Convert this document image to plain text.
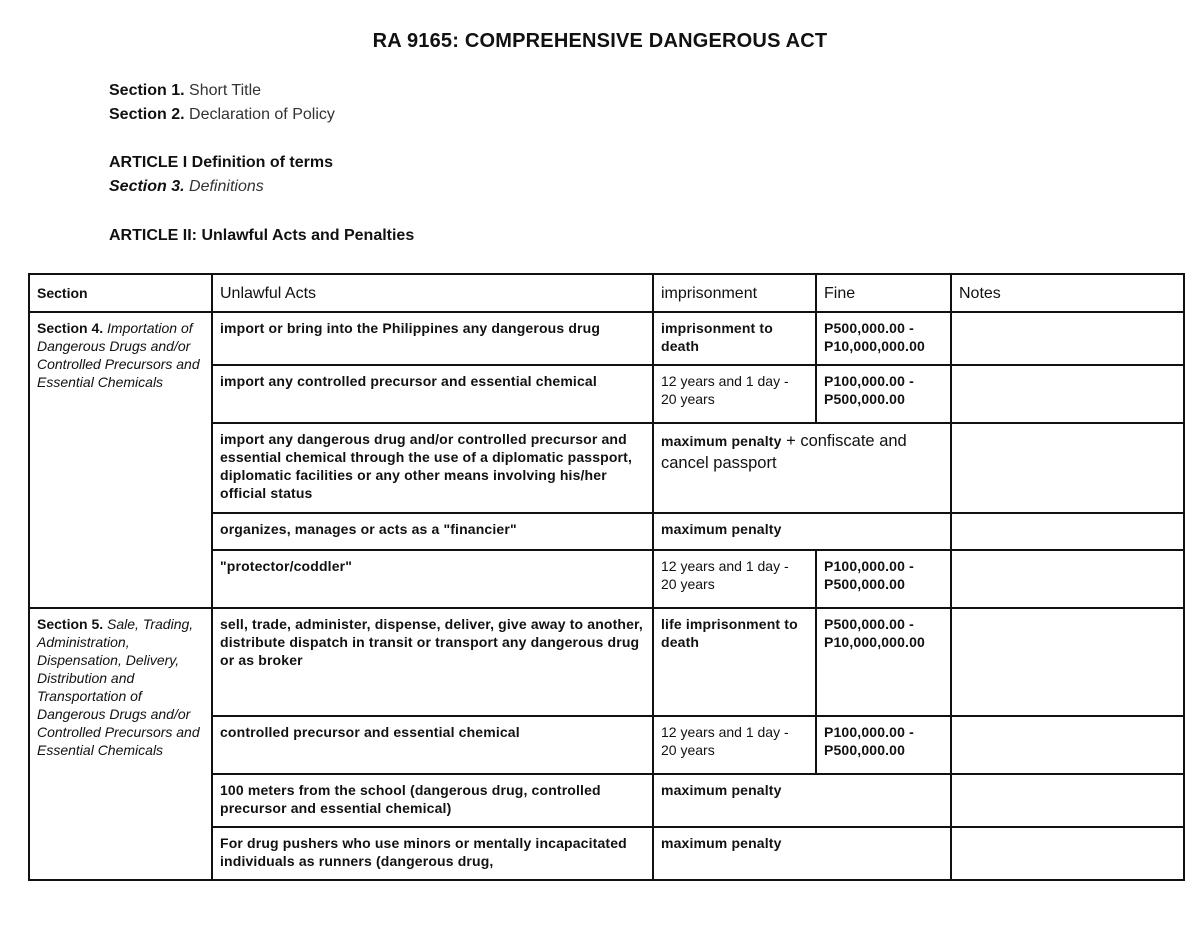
RA 9165: COMPREHENSIVE DANGEROUS ACT
Section 1. Short Title
Section 2. Declaration of Policy
ARTICLE I Definition of terms
Section 3. Definitions
ARTICLE II: Unlawful Acts and Penalties
Section	Unlawful Acts	imprisonment	Fine	Notes
Section 4. Importation of Dangerous Drugs and/or Controlled Precursors and Essential Chemicals	import or bring into the Philippines any dangerous drug	imprisonment to death	P500,000.00 - P10,000,000.00	
	import any controlled precursor and essential chemical	12 years and 1 day - 20 years	P100,000.00 - P500,000.00	
	import any dangerous drug and/or controlled precursor and essential chemical through the use of a diplomatic passport, diplomatic facilities or any other means involving his/her official status	maximum penalty + confiscate and cancel passport		
	organizes, manages or acts as a "financier"	maximum penalty		
	"protector/coddler"	12 years and 1 day - 20 years	P100,000.00 - P500,000.00	
Section 5. Sale, Trading, Administration, Dispensation, Delivery, Distribution and Transportation of Dangerous Drugs and/or Controlled Precursors and Essential Chemicals	sell, trade, administer, dispense, deliver, give away to another, distribute dispatch in transit or transport any dangerous drug or as broker	life imprisonment to death	P500,000.00 - P10,000,000.00	
	controlled precursor and essential chemical	12 years and 1 day - 20 years	P100,000.00 - P500,000.00	
	100 meters from the school (dangerous drug, controlled precursor and essential chemical)	maximum penalty		

	For drug pushers who use minors or mentally incapacitated individuals as runners (dangerous drug,	maximum penalty		
